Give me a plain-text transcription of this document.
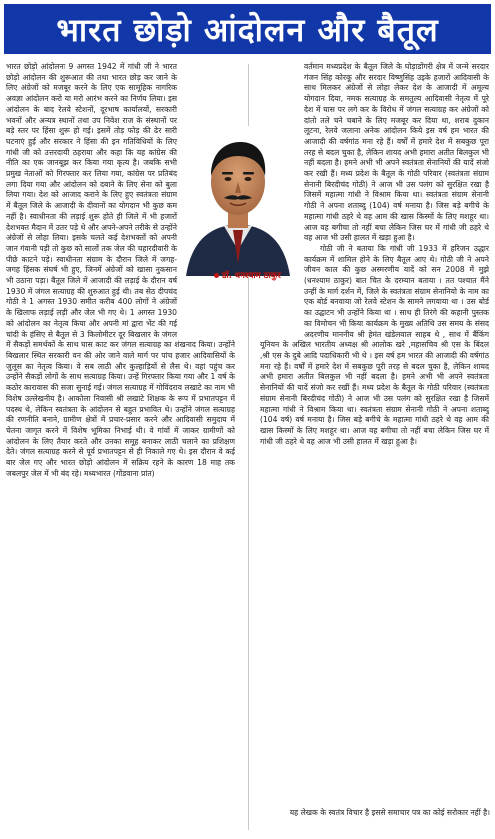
भारत छोड़ो आंदोलन और बैतूल

भारत छोड़ो आंदोलनः 9 अगस्त 1942 में गांधी जी ने भारत छोड़ो आंदोलन की शुरूआत की तथा भारत छोड़ कर जाने के लिए अंग्रेजों को मजबूर करने के लिए एक सामूहिक नागरिक अवज्ञा आंदोलन करो या मरो आरंभ करने का निर्णय लिया। इस आंदोलन के बाद रेलवे स्टेशनों, दूरभाष कार्यालयों, सरकारी भवनों और अन्यत्र स्थानों तथा उप निवेश राज के संस्थानों पर बड़े स्तर पर हिंसा शुरू हो गई। इसमें तोड़ फोड़ की ढेर सारी घटनाएं हुई और सरकार ने हिंसा की इन गतिविधियों के लिए गांधी जी को उत्तरदायी ठहराया और कहा कि यह कांग्रेस की नीति का एक जानबूझ कर किया गया कृत्य है। जबकि सभी प्रमुख नेताओं को गिरफ्तार कर लिया गया, कांग्रेस पर प्रतिबंद लगा दिया गया और आंदोलन को दबाने के लिए सेना को बुला लिया गया। देश को आजाद कराने के लिए हुए स्वतंत्रता संग्राम में बैतूल जिले के आजादी के दीवानों का योगदान भी कुछ कम नहीं है। स्वाधीनता की लड़ाई शुरू होते ही जिले में भी हजारों देशभक्त मैदान में उतर पड़े थे और अपने-अपने तरीके से उन्होंने अंग्रेजों से लोहा लिया। इसके चलते कई देशभक्तों को अपनी जान गंवानी पड़ी तो कुछ को सालों तक जेल की चहारदीवारी के पीछे काटने पड़े। स्वाधीनता संग्राम के दौरान जिले में जगह-जगह हिंसक संघर्ष भी हुए, जिनमें अंग्रेजों को खासा नुकसान भी उठाना पड़ा। बैतूल जिले में आजादी की लड़ाई के दौरान वर्ष 1930 में जंगल सत्याग्रह की शुरुआत हुई थी। तब सेठ दीपचंद गोठी ने 1 अगस्त 1930 समीत करीब 400 लोगों ने अंग्रेजों के खिलाफ लड़ाई लड़ी और जेल भी गए थे। 1 अगस्त 1930 को आंदोलन का नेतृत्व किया और अपनी मां द्वारा भेंट की गई चांदी के हंसिए से बैतूल से 3 किलोमीटर दूर बिखलार के जंगल में सैकड़ों समर्थकों के साथ घास काट कर जंगल सत्याग्रह का शंखनाद किया। उन्होंने बिखलार स्थित सरकारी वन की ओर जाने वाले मार्ग पर पांच हजार आदिवासियों के जुलूस का नेतृत्व किया। वे सब लाठी और कुल्हाड़ियों से लैस थे। वहां पहुंच कर उन्होंने सैकड़ों लोगों के साथ सत्याग्रह किया। उन्हें गिरफ्तार किया गया और 1 वर्ष के कठोर कारावास की सजा सुनाई गई। जंगल सत्याग्रह में गोविंदराव लखाटे का नाम भी विशेष उल्लेखनीय है। आकोला निवासी श्री लखाटे शिक्षक के रूप में प्रभातपट्टन में पदस्थ थे, लेकिन स्वतंत्रता के आंदोलन से बहुत प्रभावित थे। उन्होंने जंगल सत्याग्रह की रणनीति बनाने, ग्रामीण क्षेत्रों में प्रचार-प्रसार करने और आदिवासी समुदाय में चेतना जागृत करने में विशेष भूमिका निभाई थी। वे गांवों में जाकर ग्रामीणों को आंदोलन के लिए तैयार करते और उनका समूह बनाकर लाठी चलाने का प्रशिक्षण देते। जंगल सत्याग्रह करने से पूर्व प्रभातपट्टन से ही निकाले गए थे। इस दौरान वे कई बार जेल गए और भारत छोड़ो आंदोलन में सक्रिय रहने के कारण 18 माह तक जबलपुर जेल में भी बंद रहे। मध्यभारत (गोंडवाना प्रांत)

वर्तमान मध्यप्रदेश के बैतूल जिले के घोड़ाडोंगरी क्षेत्र में जन्मे सरदार गंजन सिंह कोरकू और सरदार विष्णुसिंह उइके हजारों आदिवासी के साथ मिलकर अंग्रेजों से लोहा लेकर देश के आजादी में अमूल्य योगदान दिया, नमक सत्याग्रह के समतुल्य आदिवासी नेतृत्व में पूरे देश में घास पर लगे कर के विरोध में जंगल सत्याग्रह कर अंग्रेजों को दांतो तले चने चबाने के लिए मजबूर कर दिया था, शराब दुकान लूटना, रेलवे जलाना अनेक आंदोलन किये इस वर्ष हम भारत की आजादी की वर्षगांठ मना रहे हैं। वर्षों में हमारे देश में सबकुछ पूरा तरह से बदल चुका है, लेकिन शायद अभी हमारा अतीत बिलकुल भी नहीं बदला है। हमने अभी भी अपने स्वतंत्रता सेनानियों की यादें संजो कर रखी हैं। मध्य प्रदेश के बैतूल के गोठी परिवार (स्वतंत्रता संग्राम सेनानी बिरदीचंद गोठी) ने आज भी उस पलंग को सुरक्षित रखा है जिसमें महात्मा गांधी ने विश्राम किया था। स्वतंत्रता संग्राम सेनानी गोठी ने अपना शताब्दु (104) वर्ष मनाया है। जिस बड़े बगीचे के महात्मा गांधी ठहरे थे वह आम की खास किस्मों के लिए मशहूर था। आज वह बगीचा तो नहीं बचा लेकिन जिस घर में गांधी जी ठहरे थे वह आज भी उसी हालत में खड़ा हुआ है।

गोठी जी ने बताया कि गांधी जी 1933 में हरिजन उद्धार कार्यक्रम में शामिल होने के लिए बैतूल आए थे। गोठी जी ने अपने जीवन काल की कुछ अस्मरणीय यादें को सन 2008 में मुझे (धनश्याम ठाकुर) बात चित के दरम्यान बताया । तत पश्चात मैंने उन्हीं के मार्ग दर्शन में, जिले के स्वतंत्रता संग्राम सेनानियो के नाम का एक बोर्ड बनवाया जो रेलवे स्टेशन के सामने लगवाया था । उस बोर्ड का उद्घाटन भी उन्होंने किया था । साथ ही तिरंगे की कहानी पुस्तक का विमोचन भी किया कार्यक्रम के मुख्य अतिथि उस समय के संसद अदरणीय माननीय श्री हेमंत खंडेलवाल साहब थे , साथ में बैंकिंग यूनियन के अखिल भारतीय अध्यक्ष श्री आलोक खरे ,महासचिव श्री एस के बिंदल ,श्री एस के दुबे आदि पदाधिकारी भी थे । इस वर्ष हम भारत की आजादी की वर्षगांठ मना रहे हैं। वर्षों में हमारे देश में सबकुछ पूरी तरह से बदल चुका है, लेकिन शायद अभी हमारा अतीत बिलकुल भी नहीं बदला है। हमने अभी भी अपने स्वतंत्रता सेनानियों की यादें संजो कर रखीं हैं। मध्य प्रदेश के बैतूल के गोठी परिवार (स्वतंत्रता संग्राम सेनानी बिरदीचंद गोठी) ने आज भी उस पलंग को सुरक्षित रखा है जिसमें महात्मा गांधी ने विश्राम किया था। स्वतंत्रता संग्राम सेनानी गोठी ने अपना शताब्दु (104 वर्ष) वर्ष मनाया है। जिस बड़े बगीचे के महात्मा गांधी ठहरे थे वह आम की खास किस्मों के लिए मशहूर था। आज वह बगीचा तो नहीं बचा लेकिन जिस घर में गांधी जी ठहरे थे वह आज भी उसी हालत में खड़ा हुआ है।

डॉ. धनश्याम ठाकुर
यह लेखक के स्वतंत्र विचार है इससे समाचार पत्र का कोई सरोकार नहीं है।
